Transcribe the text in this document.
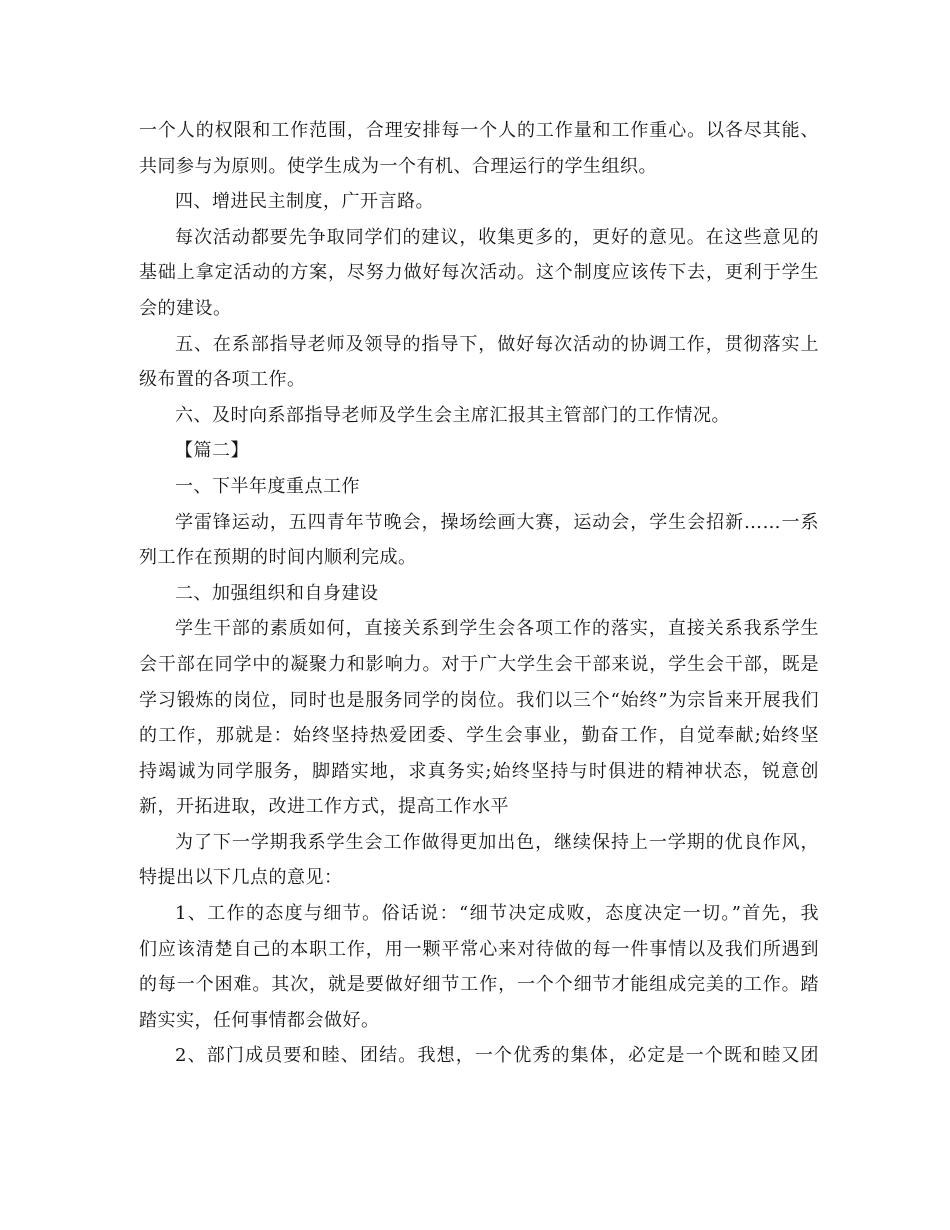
一个人的权限和工作范围，合理安排每一个人的工作量和工作重心。以各尽其能、
共同参与为原则。使学生成为一个有机、合理运行的学生组织。
四、增进民主制度，广开言路。
每次活动都要先争取同学们的建议，收集更多的，更好的意见。在这些意见的
基础上拿定活动的方案，尽努力做好每次活动。这个制度应该传下去，更利于学生
会的建设。
五、在系部指导老师及领导的指导下，做好每次活动的协调工作，贯彻落实上
级布置的各项工作。
六、及时向系部指导老师及学生会主席汇报其主管部门的工作情况。
【篇二】
一、下半年度重点工作
学雷锋运动，五四青年节晚会，操场绘画大赛，运动会，学生会招新……一系
列工作在预期的时间内顺利完成。
二、加强组织和自身建设
学生干部的素质如何，直接关系到学生会各项工作的落实，直接关系我系学生
会干部在同学中的凝聚力和影响力。对于广大学生会干部来说，学生会干部，既是
学习锻炼的岗位，同时也是服务同学的岗位。我们以三个“始终”为宗旨来开展我们
的工作，那就是：始终坚持热爱团委、学生会事业，勤奋工作，自觉奉献;始终坚
持竭诚为同学服务，脚踏实地，求真务实;始终坚持与时俱进的精神状态，锐意创
新，开拓进取，改进工作方式，提高工作水平
为了下一学期我系学生会工作做得更加出色，继续保持上一学期的优良作风，
特提出以下几点的意见：
1、工作的态度与细节。俗话说：“细节决定成败，态度决定一切。”首先，我
们应该清楚自己的本职工作，用一颗平常心来对待做的每一件事情以及我们所遇到
的每一个困难。其次，就是要做好细节工作，一个个细节才能组成完美的工作。踏
踏实实，任何事情都会做好。
2、部门成员要和睦、团结。我想，一个优秀的集体，必定是一个既和睦又团
